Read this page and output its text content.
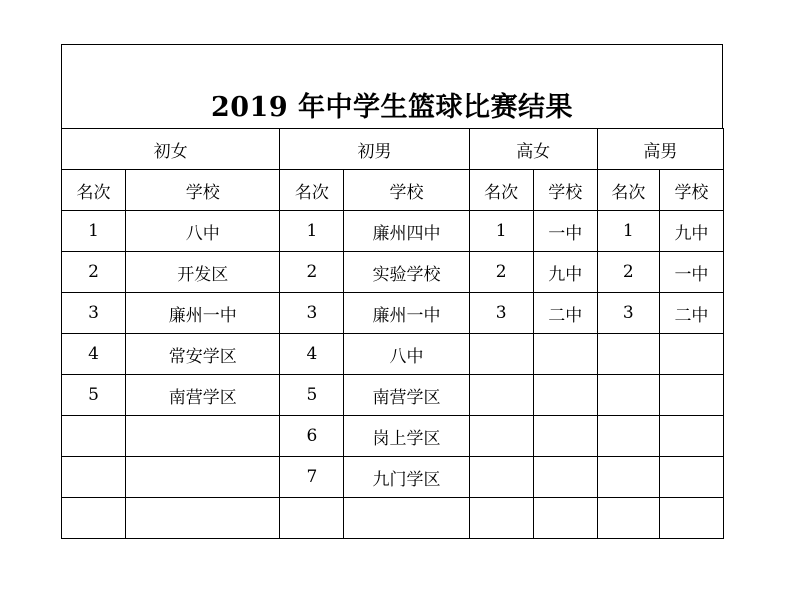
2019 年中学生篮球比赛结果
初女		初男		高女		高男	
名次	学校	名次	学校	名次	学校	名次	学校
1	八中	1	廉州四中	1	一中	1	九中
2	开发区	2	实验学校	2	九中	2	一中
3	廉州一中	3	廉州一中	3	二中	3	二中
4	常安学区	4	八中				
5	南营学区	5	南营学区				
		6	岗上学区				
		7	九门学区				
